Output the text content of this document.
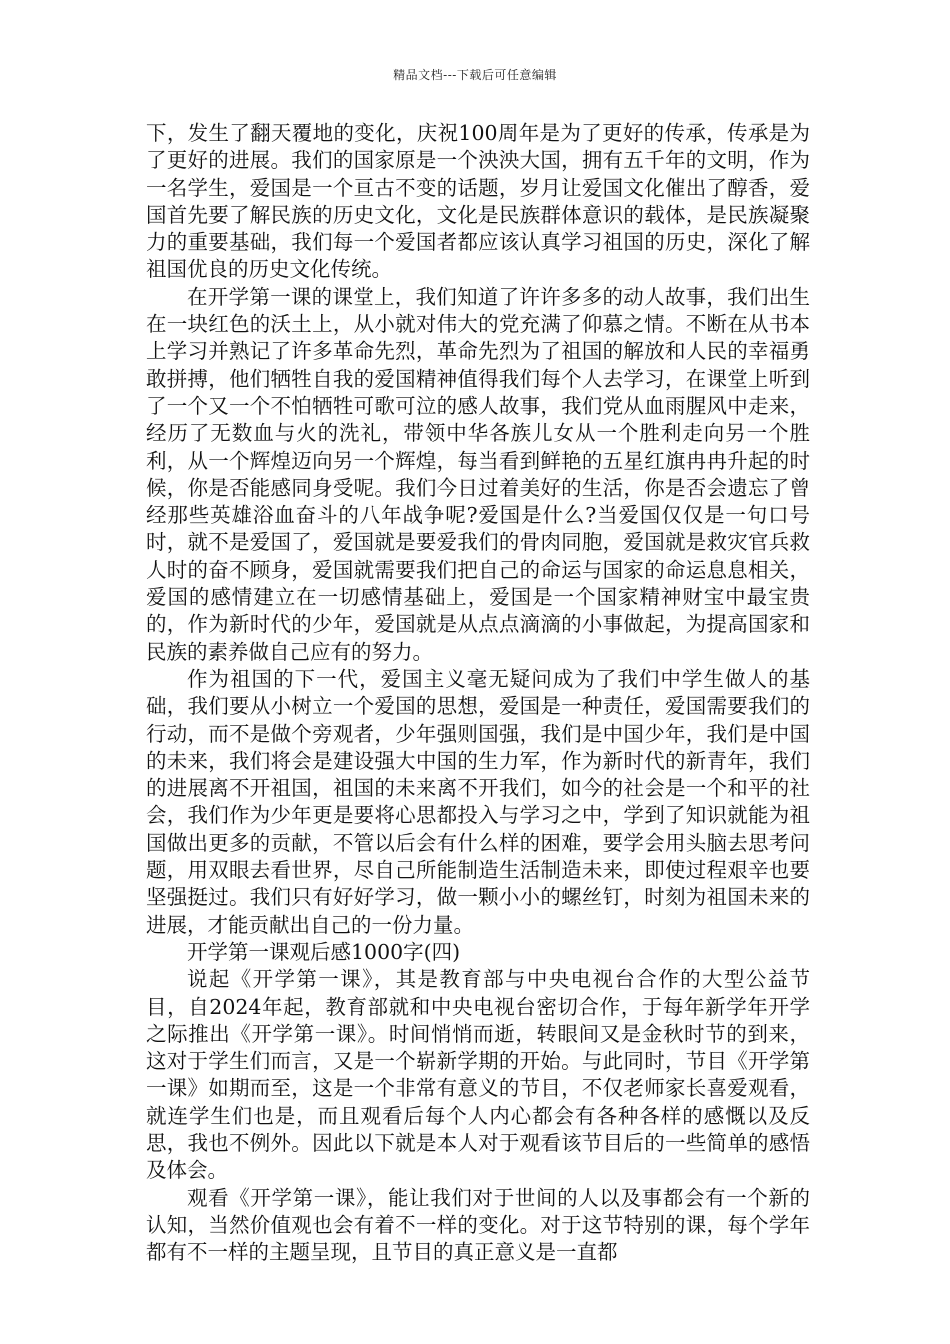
精品文档---下载后可任意编辑

下，发生了翻天覆地的变化，庆祝100周年是为了更好的传承，传承是为了更好的进展。我们的国家原是一个泱泱大国，拥有五千年的文明，作为一名学生，爱国是一个亘古不变的话题，岁月让爱国文化催出了醇香，爱国首先要了解民族的历史文化，文化是民族群体意识的载体，是民族凝聚力的重要基础，我们每一个爱国者都应该认真学习祖国的历史，深化了解祖国优良的历史文化传统。

在开学第一课的课堂上，我们知道了许许多多的动人故事，我们出生在一块红色的沃土上，从小就对伟大的党充满了仰慕之情。不断在从书本上学习并熟记了许多革命先烈，革命先烈为了祖国的解放和人民的幸福勇敢拼搏，他们牺牲自我的爱国精神值得我们每个人去学习，在课堂上听到了一个又一个不怕牺牲可歌可泣的感人故事，我们党从血雨腥风中走来，经历了无数血与火的洗礼，带领中华各族儿女从一个胜利走向另一个胜利，从一个辉煌迈向另一个辉煌，每当看到鲜艳的五星红旗冉冉升起的时候，你是否能感同身受呢。我们今日过着美好的生活，你是否会遗忘了曾经那些英雄浴血奋斗的八年战争呢?爱国是什么?当爱国仅仅是一句口号时，就不是爱国了，爱国就是要爱我们的骨肉同胞，爱国就是救灾官兵救人时的奋不顾身，爱国就需要我们把自己的命运与国家的命运息息相关，爱国的感情建立在一切感情基础上，爱国是一个国家精神财宝中最宝贵的，作为新时代的少年，爱国就是从点点滴滴的小事做起，为提高国家和民族的素养做自己应有的努力。

作为祖国的下一代，爱国主义毫无疑问成为了我们中学生做人的基础，我们要从小树立一个爱国的思想，爱国是一种责任，爱国需要我们的行动，而不是做个旁观者，少年强则国强，我们是中国少年，我们是中国的未来，我们将会是建设强大中国的生力军，作为新时代的新青年，我们的进展离不开祖国，祖国的未来离不开我们，如今的社会是一个和平的社会，我们作为少年更是要将心思都投入与学习之中，学到了知识就能为祖国做出更多的贡献，不管以后会有什么样的困难，要学会用头脑去思考问题，用双眼去看世界，尽自己所能制造生活制造未来，即使过程艰辛也要坚强挺过。我们只有好好学习，做一颗小小的螺丝钉，时刻为祖国未来的进展，才能贡献出自己的一份力量。

开学第一课观后感1000字(四)

说起《开学第一课》，其是教育部与中央电视台合作的大型公益节目，自2024年起，教育部就和中央电视台密切合作，于每年新学年开学之际推出《开学第一课》。时间悄悄而逝，转眼间又是金秋时节的到来，这对于学生们而言，又是一个崭新学期的开始。与此同时，节目《开学第一课》如期而至，这是一个非常有意义的节目，不仅老师家长喜爱观看，就连学生们也是，而且观看后每个人内心都会有各种各样的感慨以及反思，我也不例外。因此以下就是本人对于观看该节目后的一些简单的感悟及体会。

观看《开学第一课》，能让我们对于世间的人以及事都会有一个新的认知，当然价值观也会有着不一样的变化。对于这节特别的课，每个学年都有不一样的主题呈现，且节目的真正意义是一直都
